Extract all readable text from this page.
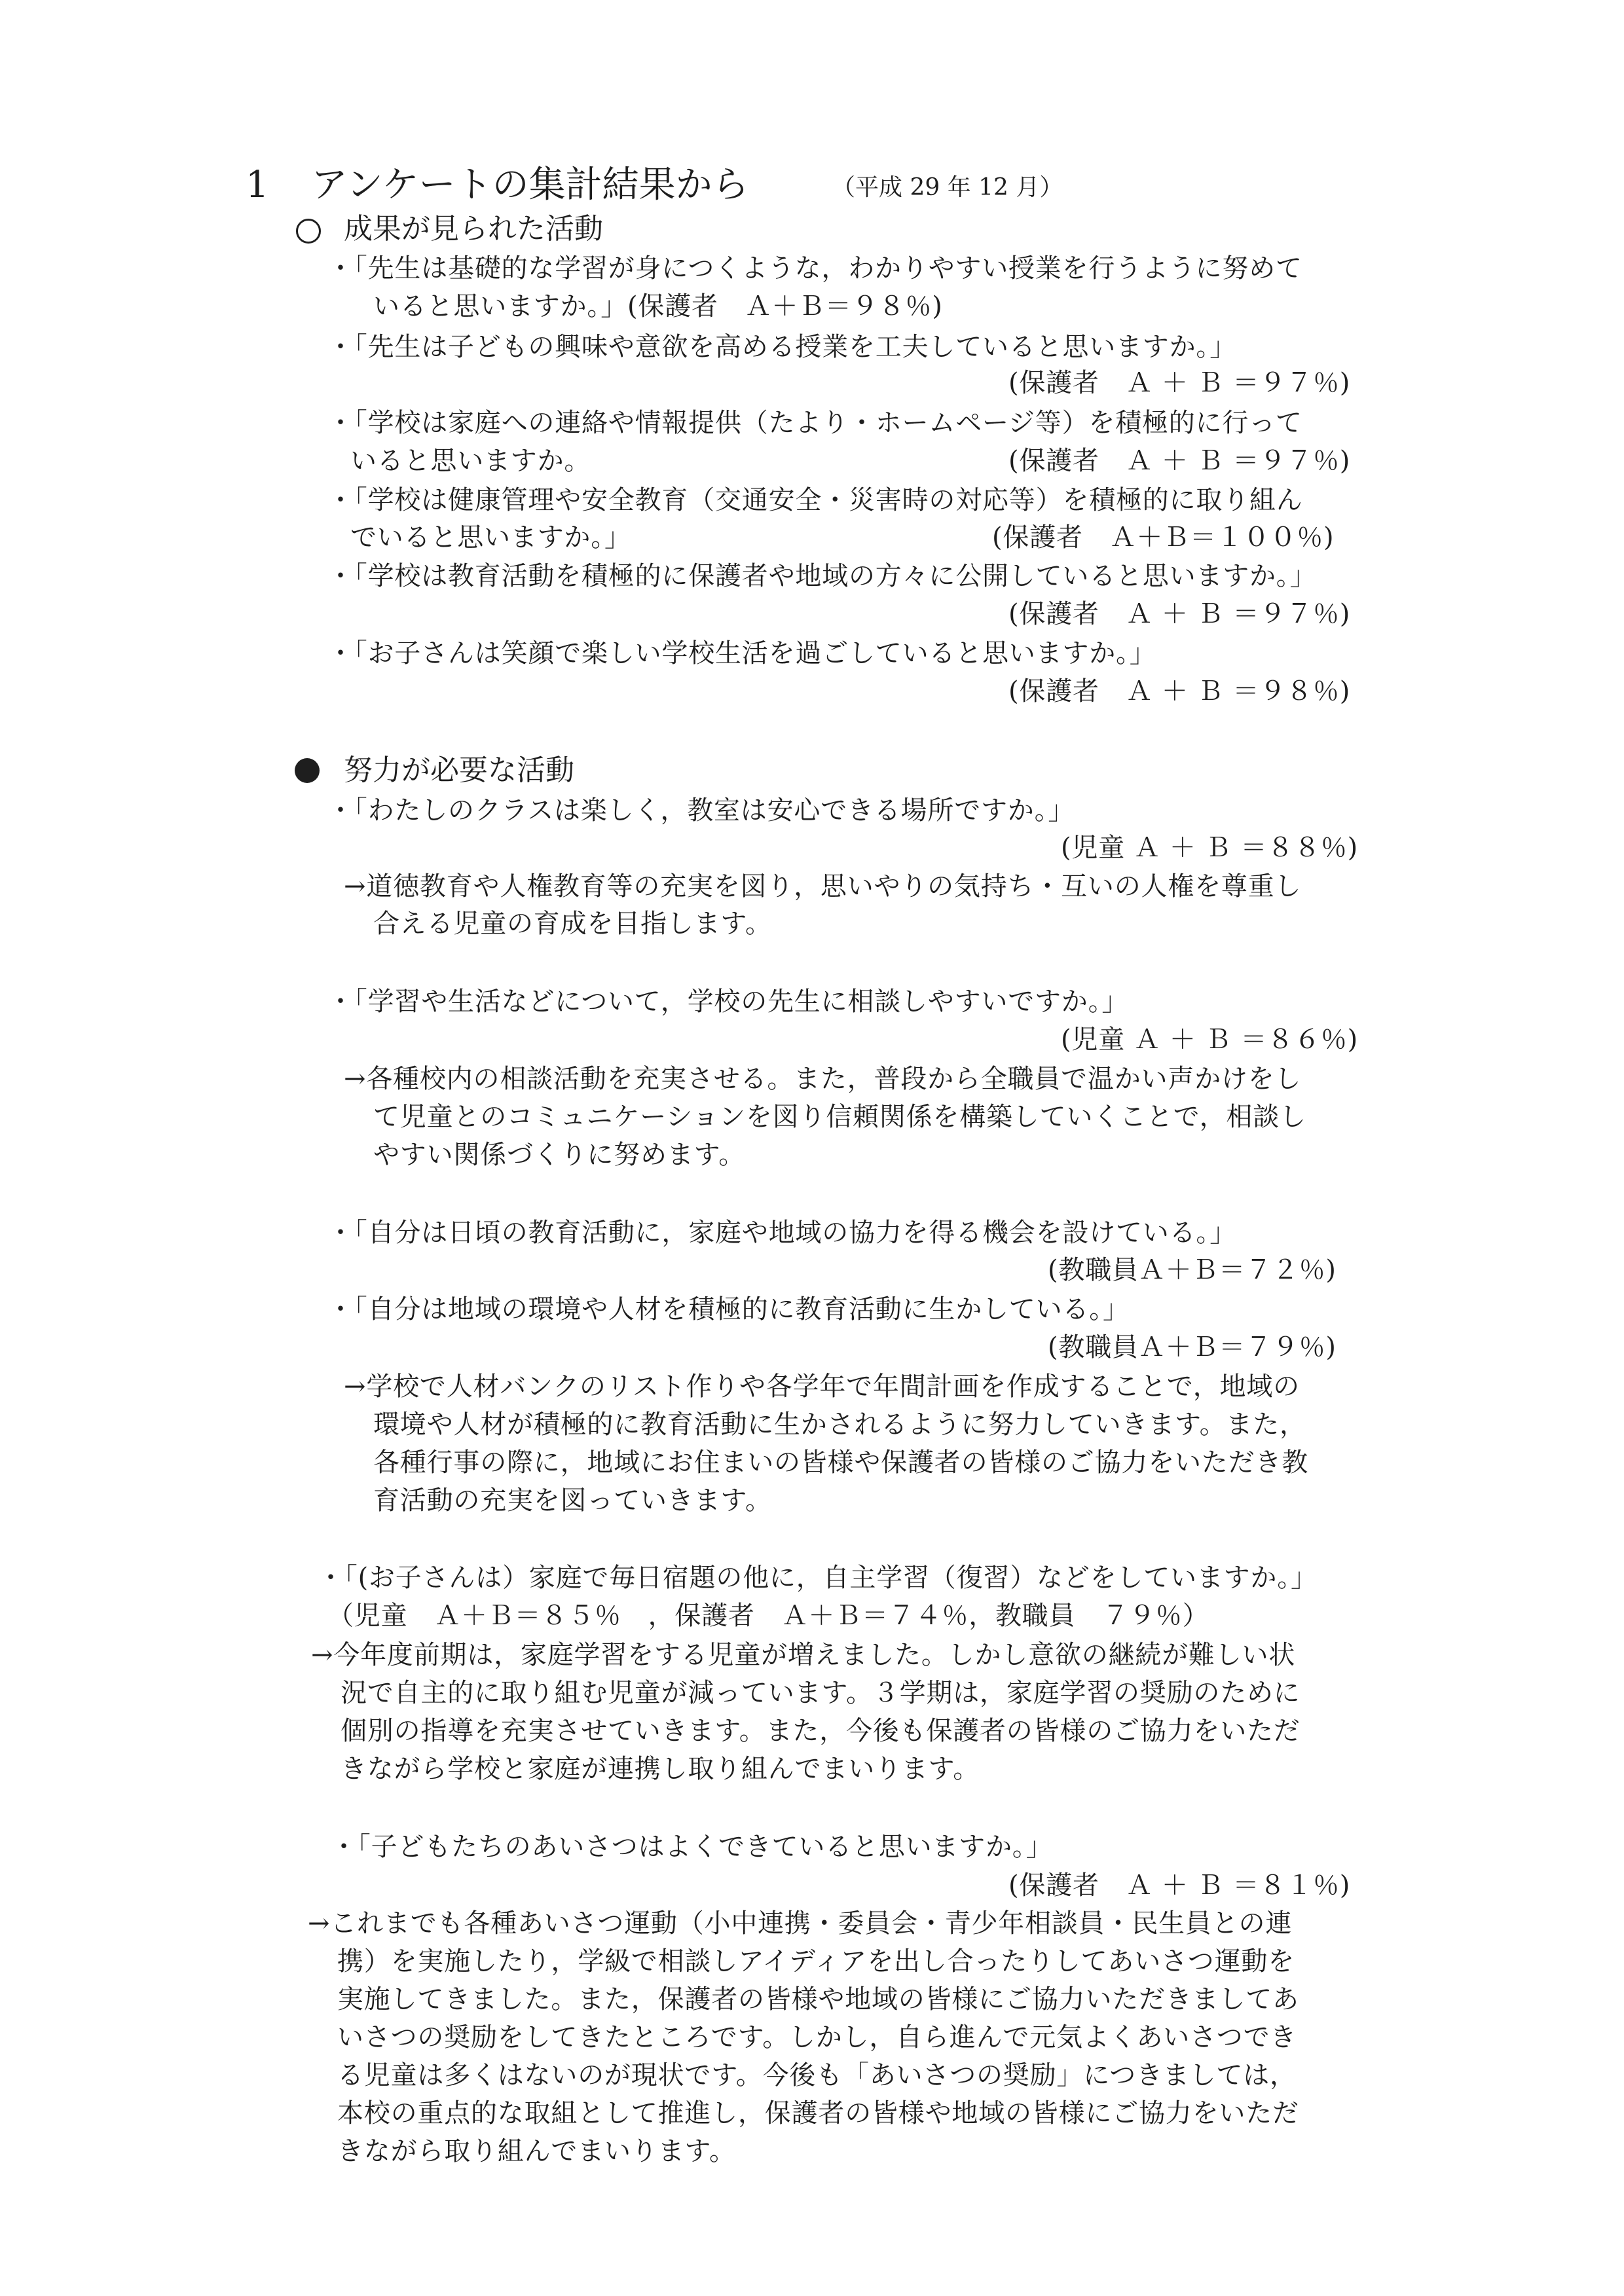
1 アンケートの集計結果から	（平成 29 年 12 月）
成果が見られた活動
・「先生は基礎的な学習が身につくような，わかりやすい授業を行うように努めて
いると思いますか。」(保護者　Ａ＋Ｂ＝９８％)
・「先生は子どもの興味や意欲を高める授業を工夫していると思いますか。」
(保護者　Ａ ＋ Ｂ ＝９７％)
・「学校は家庭への連絡や情報提供（たより・ホームページ等）を積極的に行って
いると思いますか。	(保護者　Ａ ＋ Ｂ ＝９７％)
・「学校は健康管理や安全教育（交通安全・災害時の対応等）を積極的に取り組ん
でいると思いますか。」	(保護者　Ａ＋Ｂ＝１００％)
・「学校は教育活動を積極的に保護者や地域の方々に公開していると思いますか。」
(保護者　Ａ ＋ Ｂ ＝９７％)
・「お子さんは笑顔で楽しい学校生活を過ごしていると思いますか。」
(保護者　Ａ ＋ Ｂ ＝９８％)
努力が必要な活動
・「わたしのクラスは楽しく，教室は安心できる場所ですか。」
(児童 Ａ ＋ Ｂ ＝８８％)
→道徳教育や人権教育等の充実を図り，思いやりの気持ち・互いの人権を尊重し
合える児童の育成を目指します。
・「学習や生活などについて，学校の先生に相談しやすいですか。」
(児童 Ａ ＋ Ｂ ＝８６％)
→各種校内の相談活動を充実させる。また，普段から全職員で温かい声かけをし
て児童とのコミュニケーションを図り信頼関係を構築していくことで，相談し
やすい関係づくりに努めます。
・「自分は日頃の教育活動に，家庭や地域の協力を得る機会を設けている。」
(教職員Ａ＋Ｂ＝７２％)
・「自分は地域の環境や人材を積極的に教育活動に生かしている。」
(教職員Ａ＋Ｂ＝７９％)
→学校で人材バンクのリスト作りや各学年で年間計画を作成することで，地域の
環境や人材が積極的に教育活動に生かされるように努力していきます。また，
各種行事の際に，地域にお住まいの皆様や保護者の皆様のご協力をいただき教
育活動の充実を図っていきます。
・「(お子さんは）家庭で毎日宿題の他に，自主学習（復習）などをしていますか。」
（児童　Ａ＋Ｂ＝８５％　，保護者　Ａ＋Ｂ＝７４％，教職員　７９％）
→今年度前期は，家庭学習をする児童が増えました。しかし意欲の継続が難しい状
況で自主的に取り組む児童が減っています。３学期は，家庭学習の奨励のために
個別の指導を充実させていきます。また，今後も保護者の皆様のご協力をいただ
きながら学校と家庭が連携し取り組んでまいります。
・「子どもたちのあいさつはよくできていると思いますか。」
(保護者　Ａ ＋ Ｂ ＝８１％)
→これまでも各種あいさつ運動（小中連携・委員会・青少年相談員・民生員との連
携）を実施したり，学級で相談しアイディアを出し合ったりしてあいさつ運動を
実施してきました。また，保護者の皆様や地域の皆様にご協力いただきましてあ
いさつの奨励をしてきたところです。しかし，自ら進んで元気よくあいさつでき
る児童は多くはないのが現状です。今後も「あいさつの奨励」につきましては，
本校の重点的な取組として推進し，保護者の皆様や地域の皆様にご協力をいただ
きながら取り組んでまいります。
